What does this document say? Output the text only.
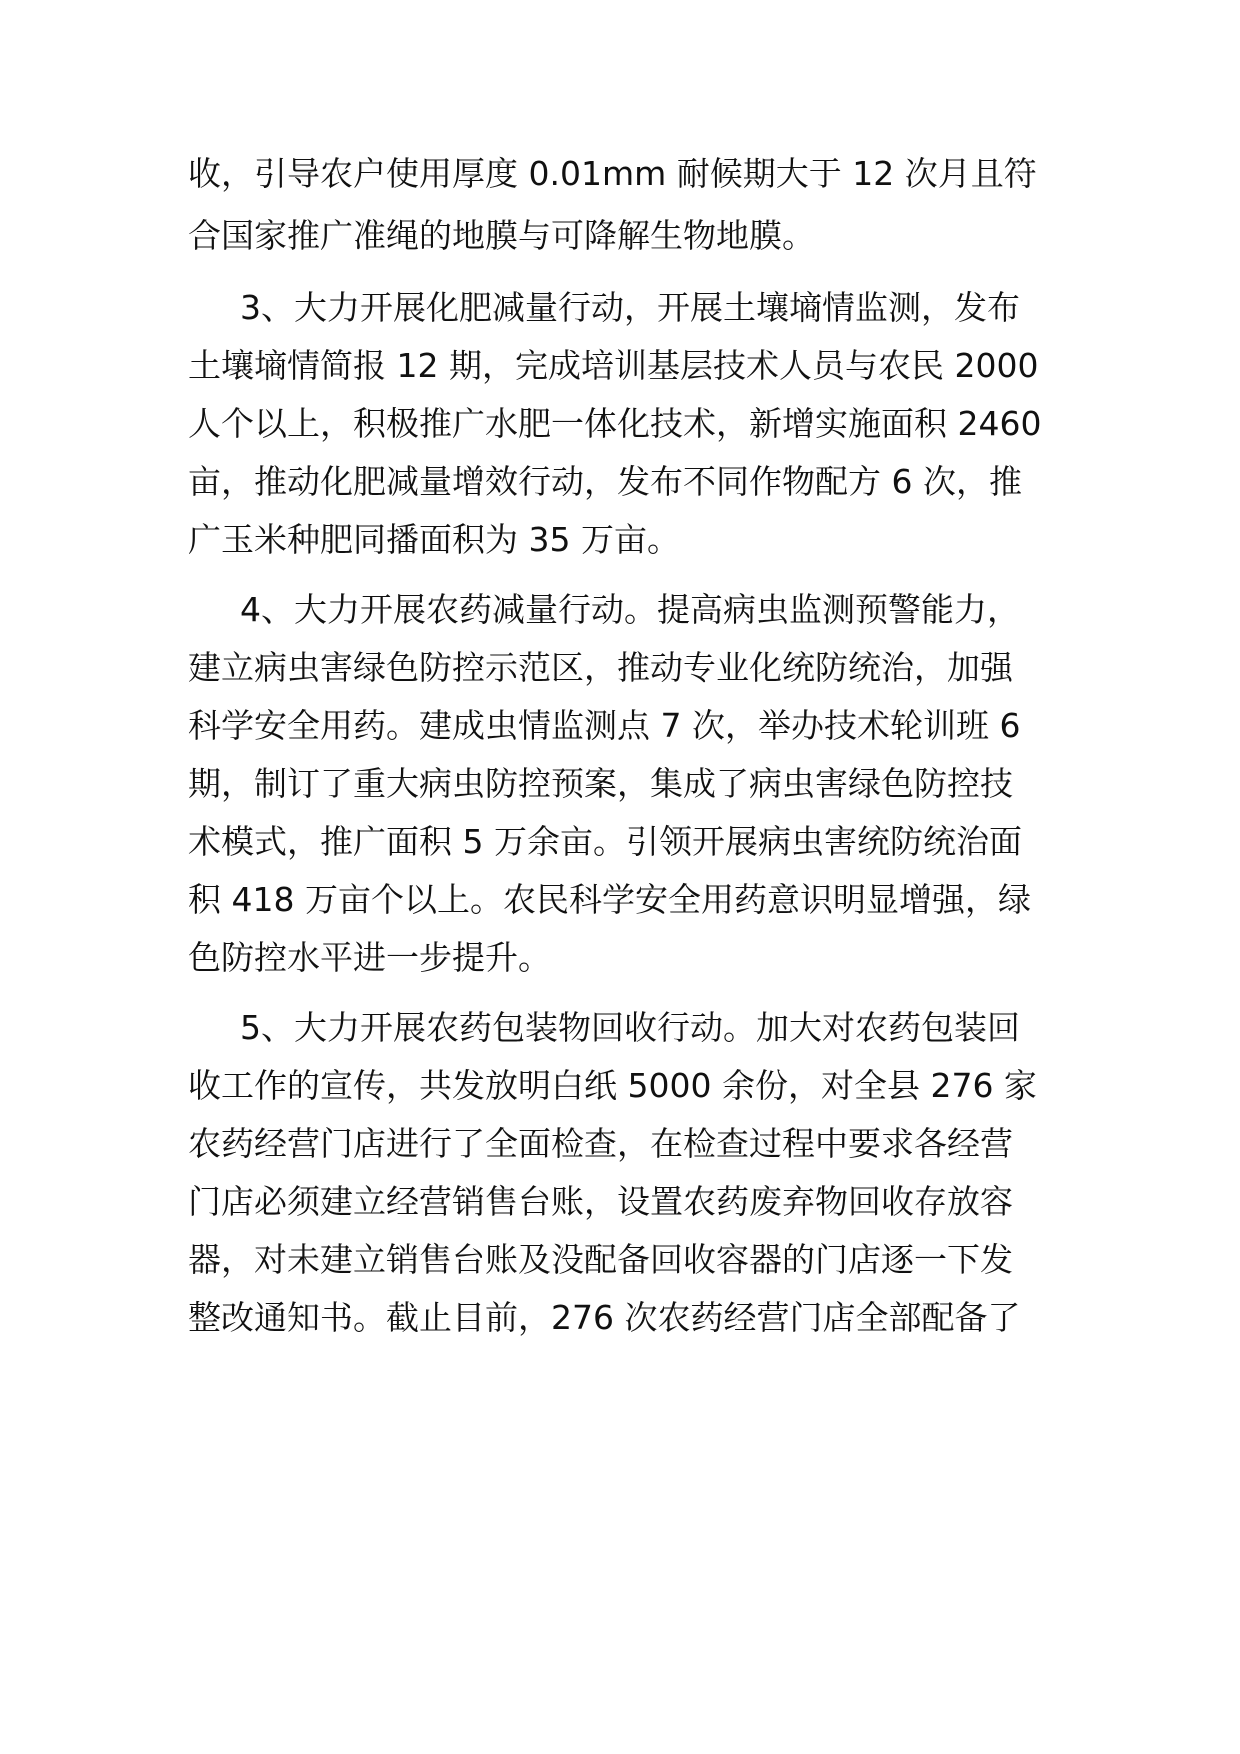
收，引导农户使用厚度 0.01mm 耐候期大于 12 次月且符
合国家推广准绳的地膜与可降解生物地膜。
3、大力开展化肥减量行动，开展土壤墒情监测，发布
土壤墒情简报 12 期，完成培训基层技术人员与农民 2000
人个以上，积极推广水肥一体化技术，新增实施面积 2460
亩，推动化肥减量增效行动，发布不同作物配方 6 次，推
广玉米种肥同播面积为 35 万亩。
4、大力开展农药减量行动。提高病虫监测预警能力，
建立病虫害绿色防控示范区，推动专业化统防统治，加强
科学安全用药。建成虫情监测点 7 次，举办技术轮训班 6
期，制订了重大病虫防控预案，集成了病虫害绿色防控技
术模式，推广面积 5 万余亩。引领开展病虫害统防统治面
积 418 万亩个以上。农民科学安全用药意识明显增强，绿
色防控水平进一步提升。
5、大力开展农药包装物回收行动。加大对农药包装回
收工作的宣传，共发放明白纸 5000 余份，对全县 276 家
农药经营门店进行了全面检查，在检查过程中要求各经营
门店必须建立经营销售台账，设置农药废弃物回收存放容
器，对未建立销售台账及没配备回收容器的门店逐一下发
整改通知书。截止目前，276 次农药经营门店全部配备了
